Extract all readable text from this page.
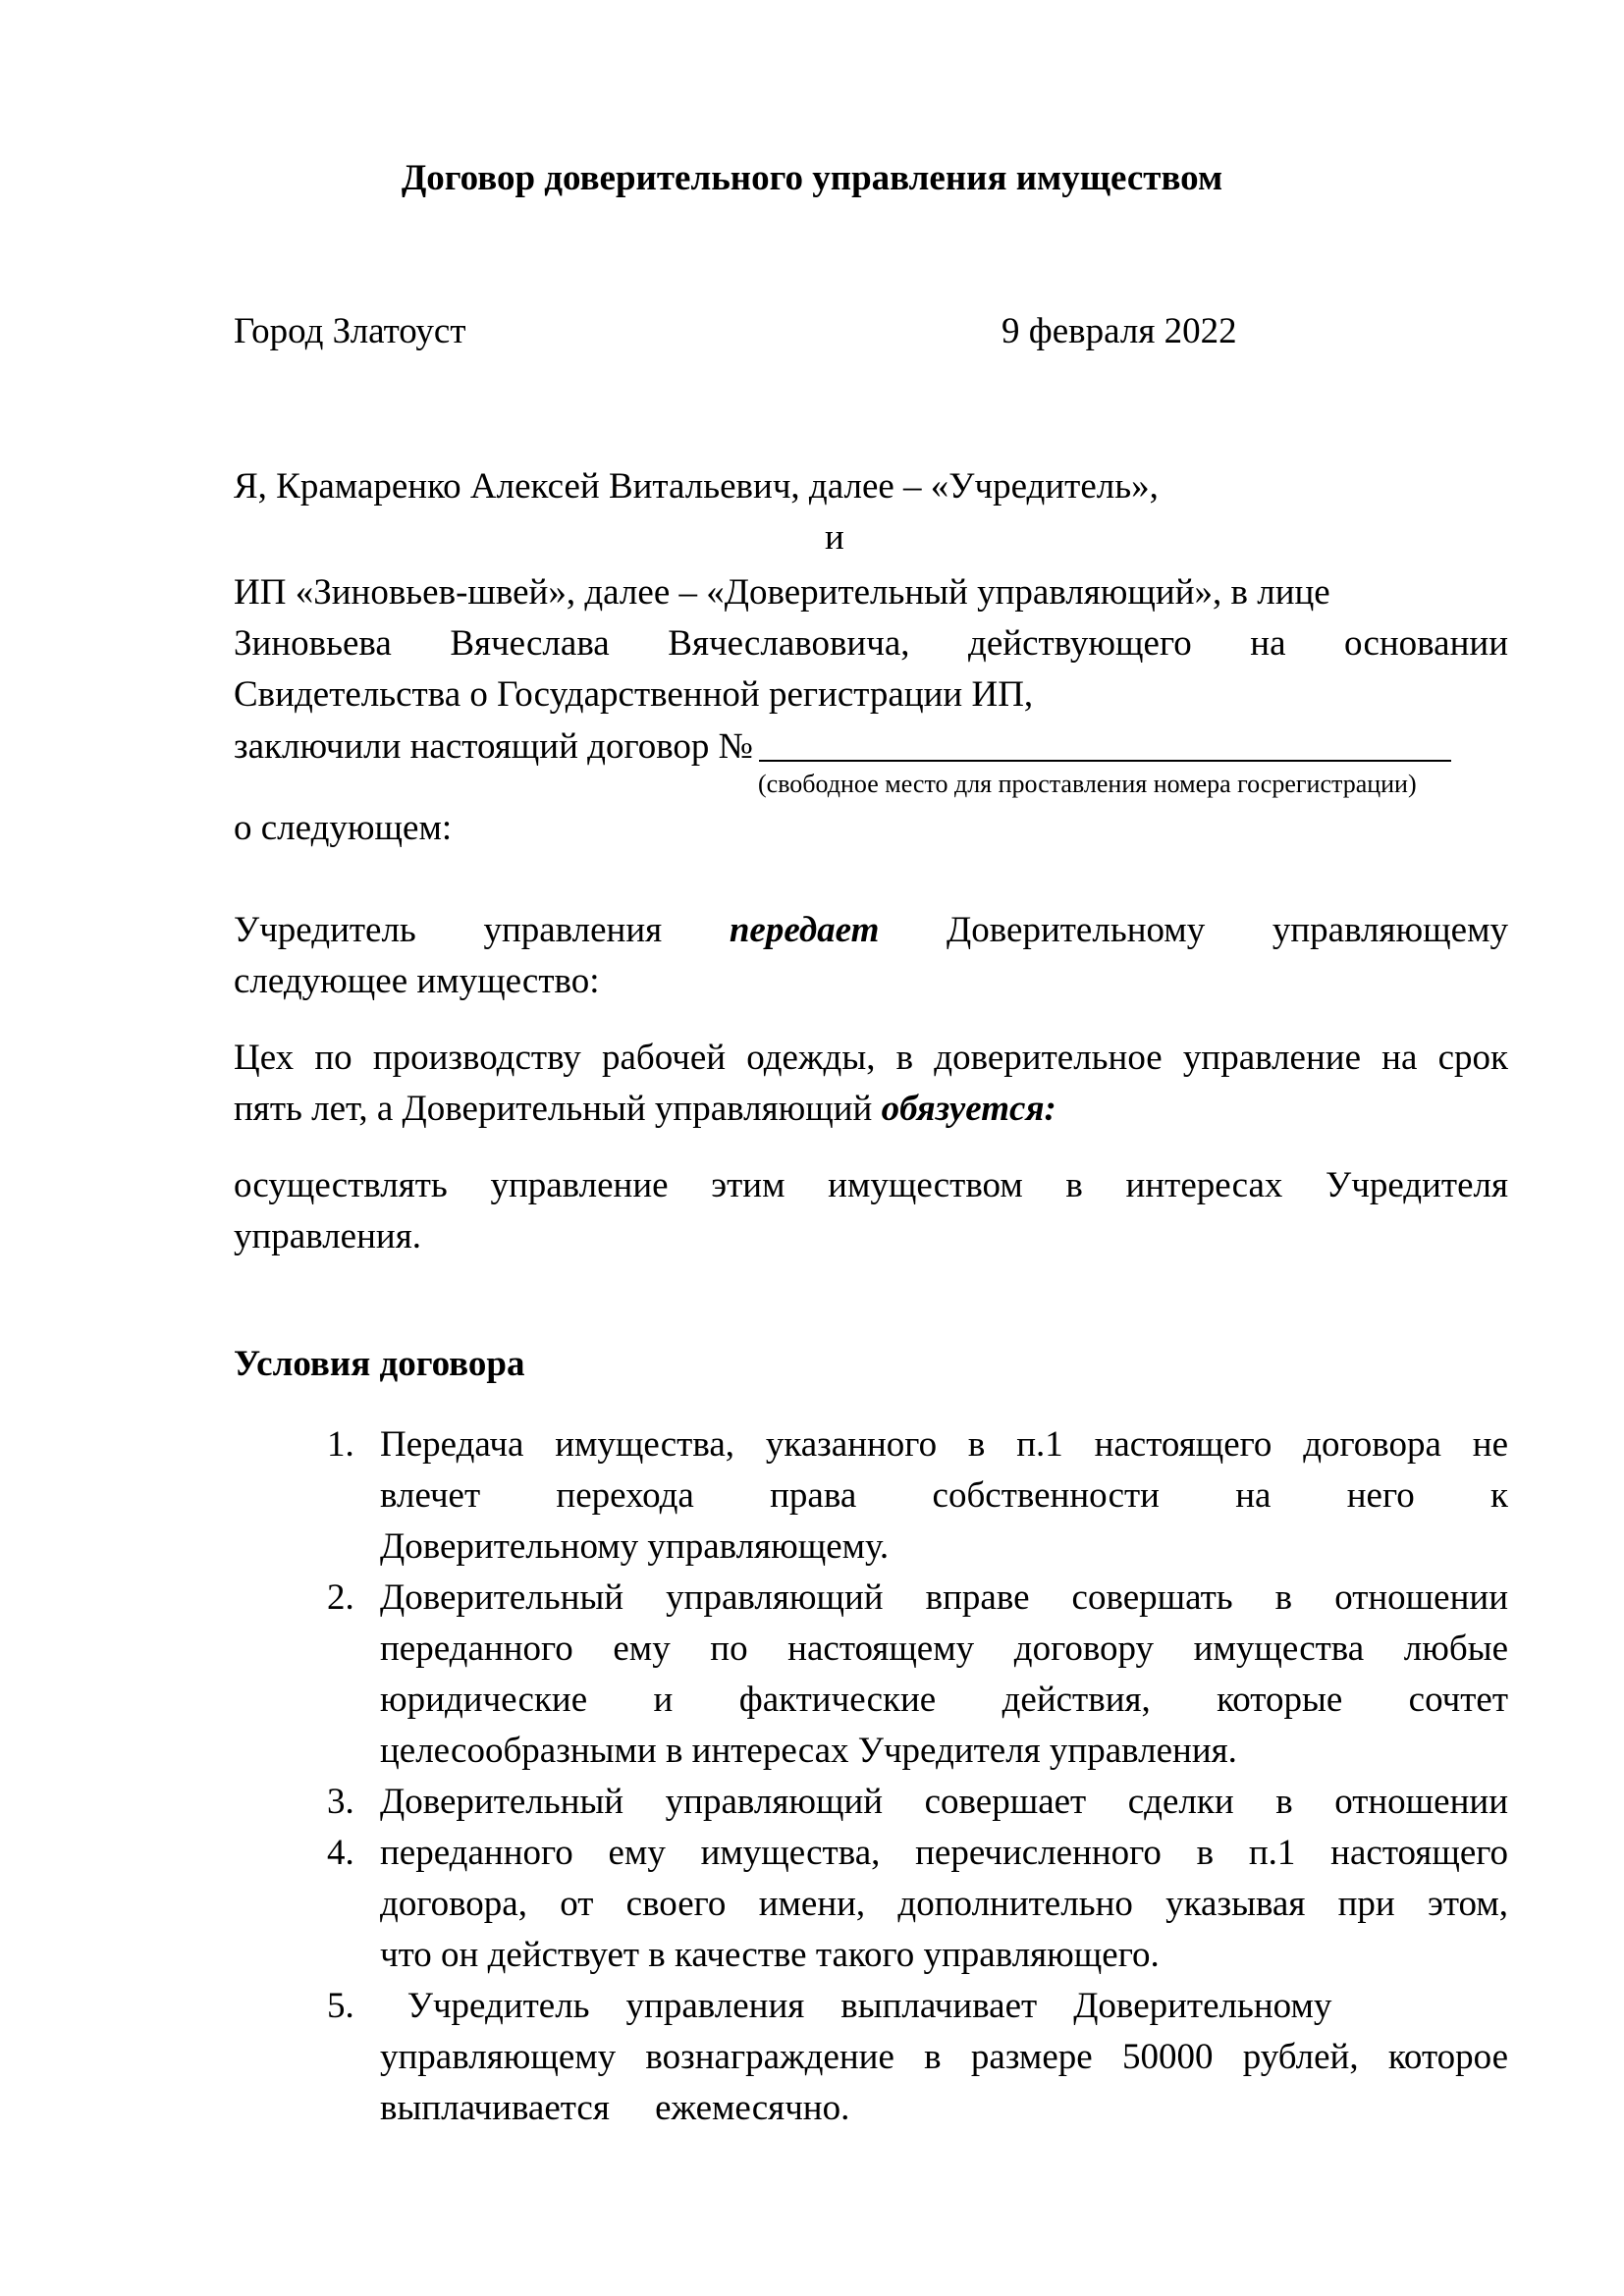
Договор доверительного управления имуществом
Город Златоуст	9 февраля 2022
Я, Крамаренко Алексей Витальевич, далее – «Учредитель»,
и
ИП «Зиновьев-швей», далее – «Доверительный управляющий», в лице
Зиновьева Вячеслава Вячеславовича, действующего на основании
Свидетельства о Государственной регистрации ИП,
заключили настоящий договор №
(свободное место для проставления номера госрегистрации)
о следующем:
Учредитель управления передает Доверительному управляющему
следующее имущество:
Цех по производству рабочей одежды, в доверительное управление на срок
пять лет, а Доверительный управляющий обязуется:
осуществлять управление этим имуществом в интересах Учредителя
управления.
Условия договора
1. Передача имущества, указанного в п.1 настоящего договора не
влечет перехода права собственности на него к
Доверительному управляющему.
2. Доверительный управляющий вправе совершать в отношении
переданного ему по настоящему договору имущества любые
юридические и фактические действия, которые сочтет
целесообразными в интересах Учредителя управления.
3. Доверительный управляющий совершает сделки в отношении
4. переданного ему имущества, перечисленного в п.1 настоящего
договора, от своего имени, дополнительно указывая при этом,
что он действует в качестве такого управляющего.
5. Учредитель    управления    выплачивает    Доверительному
управляющему вознаграждение в размере 50000 рублей, которое
выплачивается     ежемесячно.
